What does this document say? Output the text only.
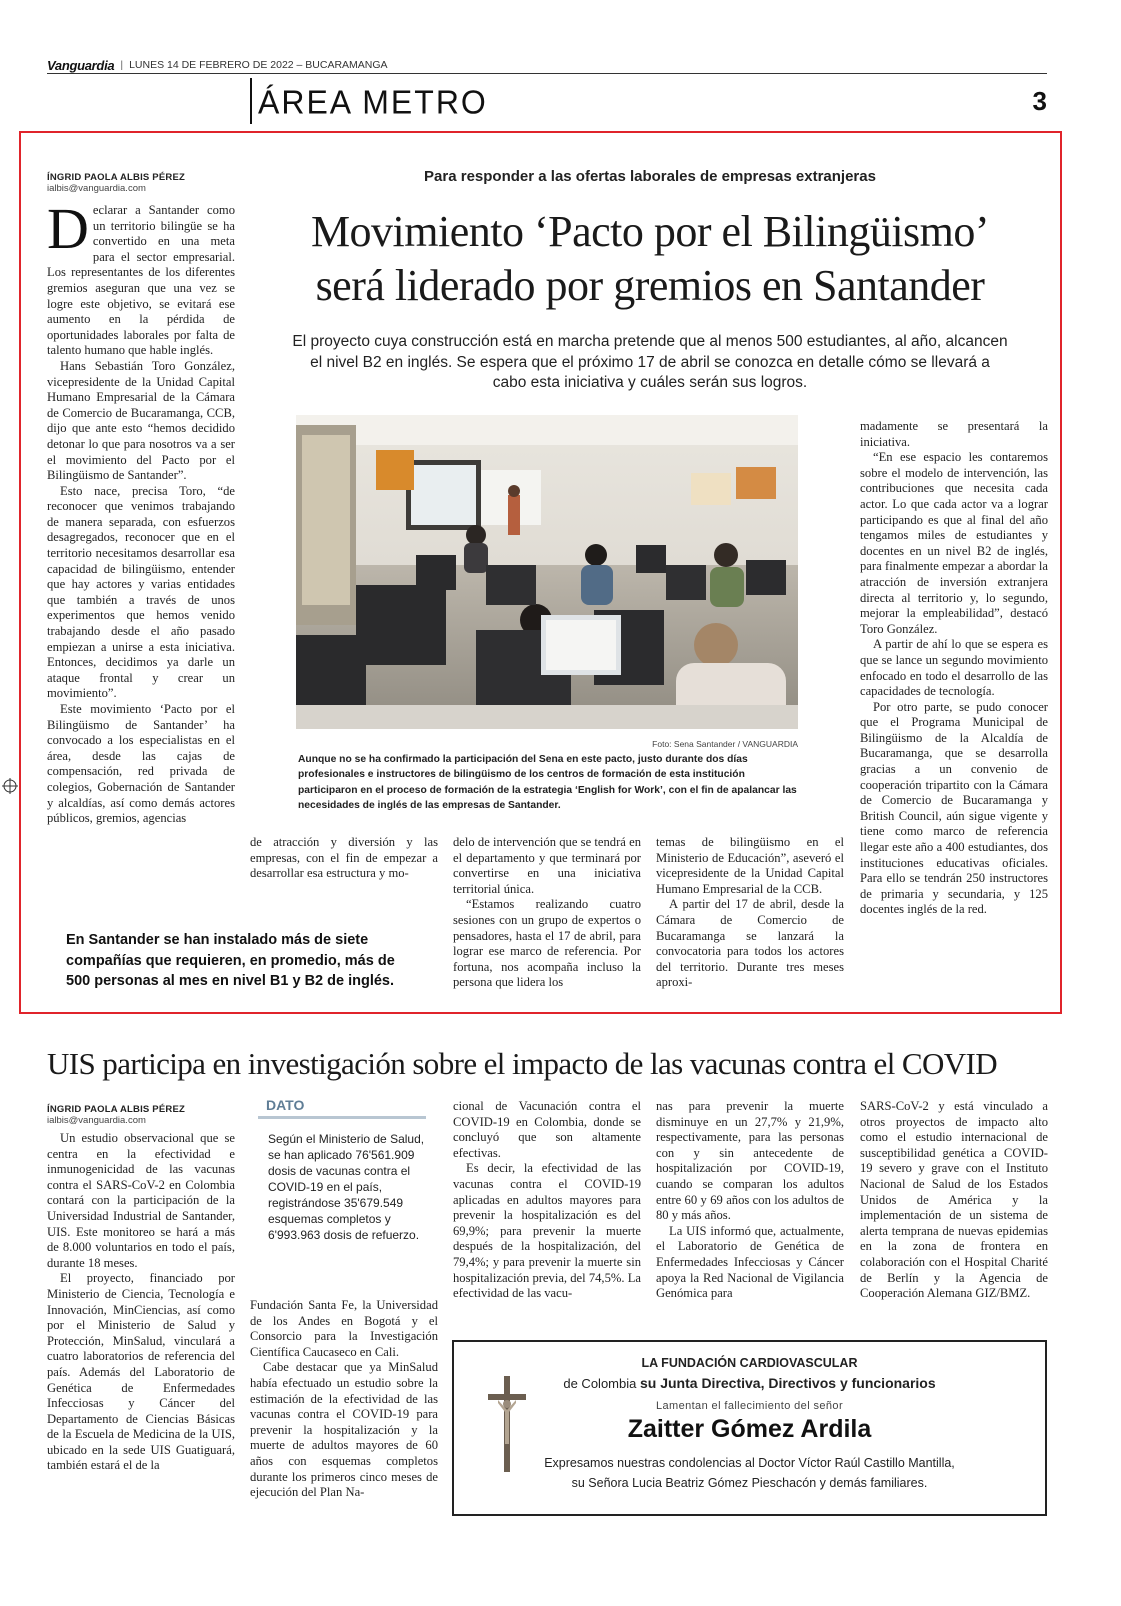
Vanguardia | LUNES 14 DE FEBRERO DE 2022 – BUCARAMANGA
ÁREA METRO	3
ÍNGRID PAOLA ALBIS PÉREZ
ialbis@vanguardia.com
Para responder a las ofertas laborales de empresas extranjeras
Movimiento ‘Pacto por el Bilingüismo’
será liderado por gremios en Santander
El proyecto cuya construcción está en marcha pretende que al menos 500 estudiantes, al año, alcancen el nivel B2 en inglés. Se espera que el próximo 17 de abril se conozca en detalle cómo se llevará a cabo esta iniciativa y cuáles serán sus logros.

Declarar a Santander como un territorio bilingüe se ha convertido en una meta para el sector empresarial. Los representantes de los diferentes gremios aseguran que una vez se logre este objetivo, se evitará ese aumento en la pérdida de oportunidades laborales por falta de talento humano que hable inglés.

Hans Sebastián Toro González, vicepresidente de la Unidad Capital Humano Empresarial de la Cámara de Comercio de Bucaramanga, CCB, dijo que ante esto “hemos decidido detonar lo que para nosotros va a ser el movimiento del Pacto por el Bilingüismo de Santander”.

Esto nace, precisa Toro, “de reconocer que venimos trabajando de manera separada, con esfuerzos desagregados, reconocer que en el territorio necesitamos desarrollar esa capacidad de bilingüismo, entender que hay actores y varias entidades que también a través de unos experimentos que hemos venido trabajando desde el año pasado empiezan a unirse a esta iniciativa. Entonces, decidimos ya darle un ataque frontal y crear un movimiento”.

Este movimiento ‘Pacto por el Bilingüismo de Santander’ ha convocado a los especialistas en el área, desde las cajas de compensación, red privada de colegios, Gobernación de Santander y alcaldías, así como demás actores públicos, gremios, agencias

Foto: Sena Santander / VANGUARDIA
Aunque no se ha confirmado la participación del Sena en este pacto, justo durante dos días profesionales e instructores de bilingüismo de los centros de formación de esta institución participaron en el proceso de formación de la estrategia ‘English for Work’, con el fin de apalancar las necesidades de inglés de las empresas de Santander.

de atracción y diversión y las empresas, con el fin de empezar a desarrollar esa estructura y mo-

delo de intervención que se tendrá en el departamento y que terminará por convertirse en una iniciativa territorial única.

“Estamos realizando cuatro sesiones con un grupo de expertos o pensadores, hasta el 17 de abril, para lograr ese marco de referencia. Por fortuna, nos acompaña incluso la persona que lidera los

temas de bilingüismo en el Ministerio de Educación”, aseveró el vicepresidente de la Unidad Capital Humano Empresarial de la CCB.

A partir del 17 de abril, desde la Cámara de Comercio de Bucaramanga se lanzará la convocatoria para todos los actores del territorio. Durante tres meses aproxi-

madamente se presentará la iniciativa.

“En ese espacio les contaremos sobre el modelo de intervención, las contribuciones que necesita cada actor. Lo que cada actor va a lograr participando es que al final del año tengamos miles de estudiantes y docentes en un nivel B2 de inglés, para finalmente empezar a abordar la atracción de inversión extranjera directa al territorio y, lo segundo, mejorar la empleabilidad”, destacó Toro González.

A partir de ahí lo que se espera es que se lance un segundo movimiento enfocado en todo el desarrollo de las capacidades de tecnología.

Por otro parte, se pudo conocer que el Programa Municipal de Bilingüismo de la Alcaldía de Bucaramanga, que se desarrolla gracias a un convenio de cooperación tripartito con la Cámara de Comercio de Bucaramanga y British Council, aún sigue vigente y tiene como marco de referencia llegar este año a 400 estudiantes, dos instituciones educativas oficiales. Para ello se tendrán 250 instructores de primaria y secundaria, y 125 docentes inglés de la red.

En Santander se han instalado más de siete compañías que requieren, en promedio, más de 500 personas al mes en nivel B1 y B2 de inglés.
UIS participa en investigación sobre el impacto de las vacunas contra el COVID
ÍNGRID PAOLA ALBIS PÉREZ
ialbis@vanguardia.com
DATO
Según el Ministerio de Salud, se han aplicado 76'561.909 dosis de vacunas contra el COVID-19 en el país, registrándose 35'679.549 esquemas completos y 6'993.963 dosis de refuerzo.

Un estudio observacional que se centra en la efectividad e inmunogenicidad de las vacunas contra el SARS-CoV-2 en Colombia contará con la participación de la Universidad Industrial de Santander, UIS. Este monitoreo se hará a más de 8.000 voluntarios en todo el país, durante 18 meses.

El proyecto, financiado por Ministerio de Ciencia, Tecnología e Innovación, MinCiencias, así como por el Ministerio de Salud y Protección, MinSalud, vinculará a cuatro laboratorios de referencia del país. Además del Laboratorio de Genética de Enfermedades Infecciosas y Cáncer del Departamento de Ciencias Básicas de la Escuela de Medicina de la UIS, ubicado en la sede UIS Guatiguará, también estará el de la

Fundación Santa Fe, la Universidad de los Andes en Bogotá y el Consorcio para la Investigación Científica Caucaseco en Cali.

Cabe destacar que ya MinSalud había efectuado un estudio sobre la estimación de la efectividad de las vacunas contra el COVID-19 para prevenir la hospitalización y la muerte de adultos mayores de 60 años con esquemas completos durante los primeros cinco meses de ejecución del Plan Na-

cional de Vacunación contra el COVID-19 en Colombia, donde se concluyó que son altamente efectivas.

Es decir, la efectividad de las vacunas contra el COVID-19 aplicadas en adultos mayores para prevenir la hospitalización es del 69,9%; para prevenir la muerte después de la hospitalización, del 79,4%; y para prevenir la muerte sin hospitalización previa, del 74,5%. La efectividad de las vacu-

nas para prevenir la muerte disminuye en un 27,7% y 21,9%, respectivamente, para las personas con y sin antecedente de hospitalización por COVID-19, cuando se comparan los adultos entre 60 y 69 años con los adultos de 80 y más años.

La UIS informó que, actualmente, el Laboratorio de Genética de Enfermedades Infecciosas y Cáncer apoya la Red Nacional de Vigilancia Genómica para

SARS-CoV-2 y está vinculado a otros proyectos de impacto alto como el estudio internacional de susceptibilidad genética a COVID-19 severo y grave con el Instituto Nacional de Salud de los Estados Unidos de América y la implementación de un sistema de alerta temprana de nuevas epidemias en la zona de frontera en colaboración con el Hospital Charité de Berlín y la Agencia de Cooperación Alemana GIZ/BMZ.

LA FUNDACIÓN CARDIOVASCULAR
de Colombia su Junta Directiva, Directivos y funcionarios
Lamentan el fallecimiento del señor
Zaitter Gómez Ardila
Expresamos nuestras condolencias al Doctor Víctor Raúl Castillo Mantilla,
su Señora Lucia Beatriz Gómez Pieschacón y demás familiares.
